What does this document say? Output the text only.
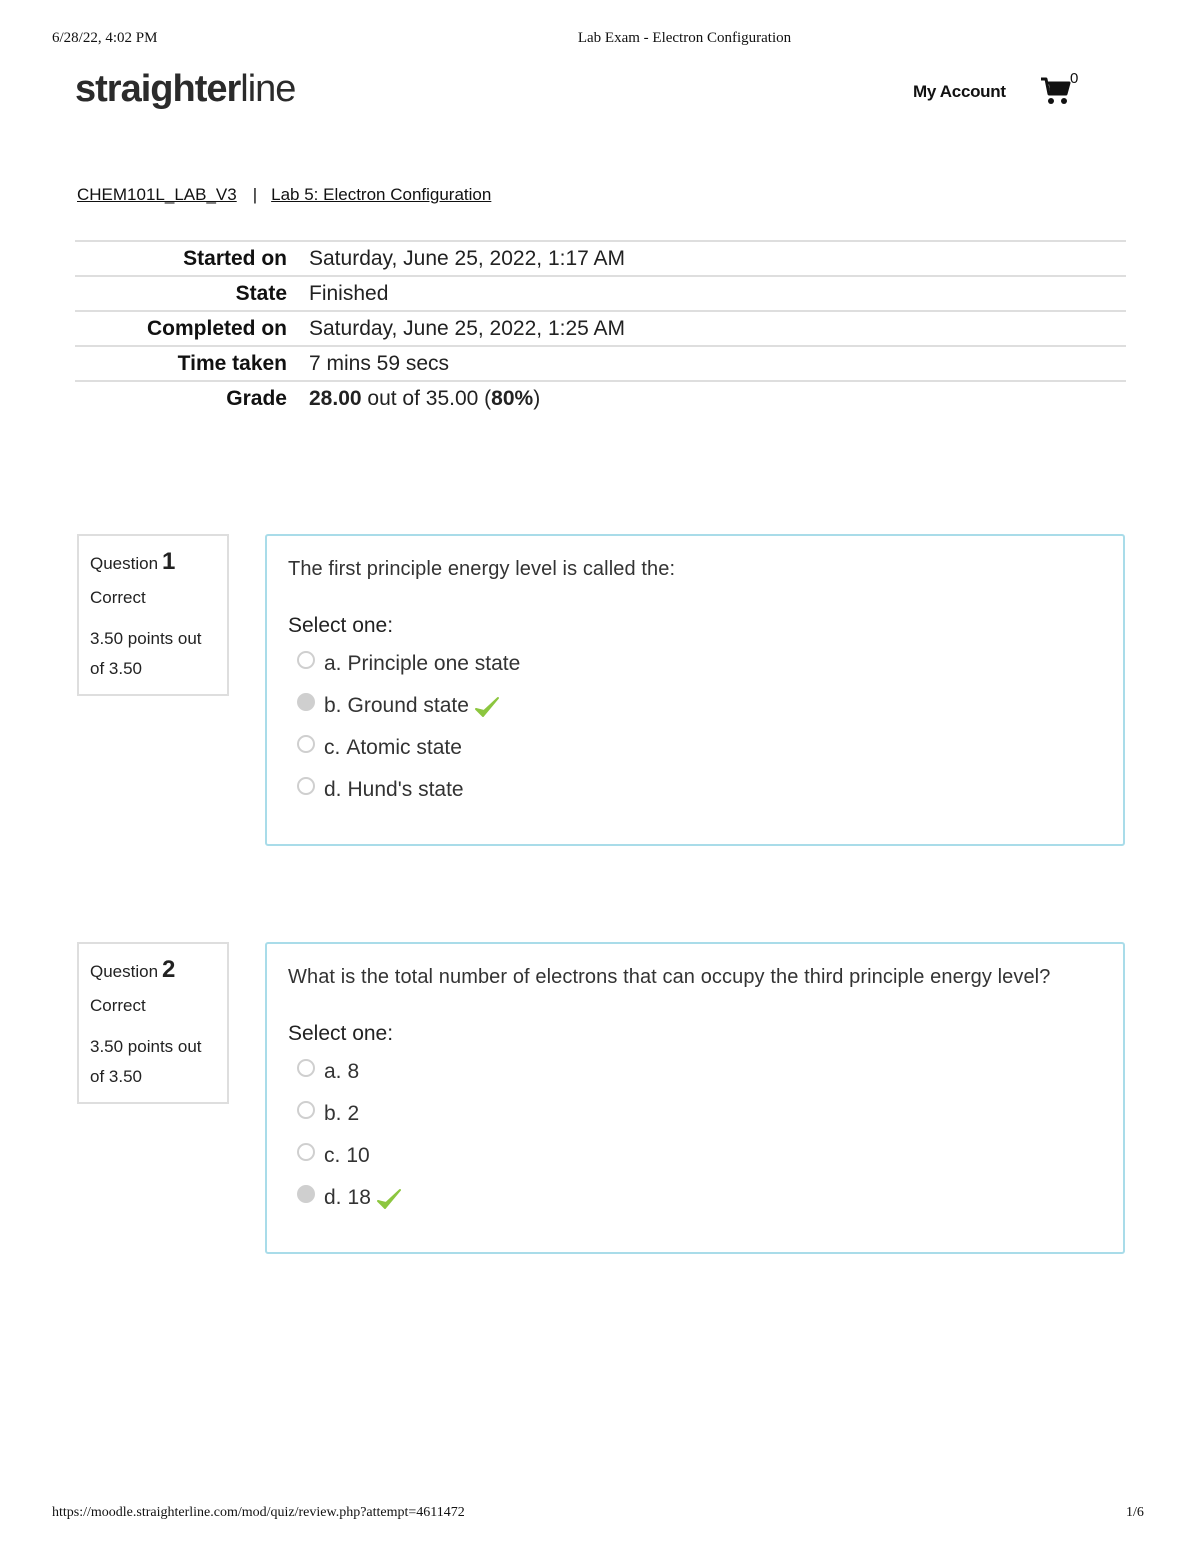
6/28/22, 4:02 PM	Lab Exam - Electron Configuration
straighterline	My Account
0
CHEM101L_LAB_V3 | Lab 5: Electron Configuration
Started on	Saturday, June 25, 2022, 1:17 AM
State	Finished
Completed on	Saturday, June 25, 2022, 1:25 AM
Time taken	7 mins 59 secs
Grade	28.00 out of 35.00 (80%)
Question 1
Correct
3.50 points out of 3.50
The first principle energy level is called the:
Select one:
a. Principle one state
b. Ground state
c. Atomic state
d. Hund's state
Question 2
Correct
3.50 points out of 3.50
What is the total number of electrons that can occupy the third principle energy level?
Select one:
a. 8
b. 2
c. 10
d. 18
https://moodle.straighterline.com/mod/quiz/review.php?attempt=4611472	1/6
